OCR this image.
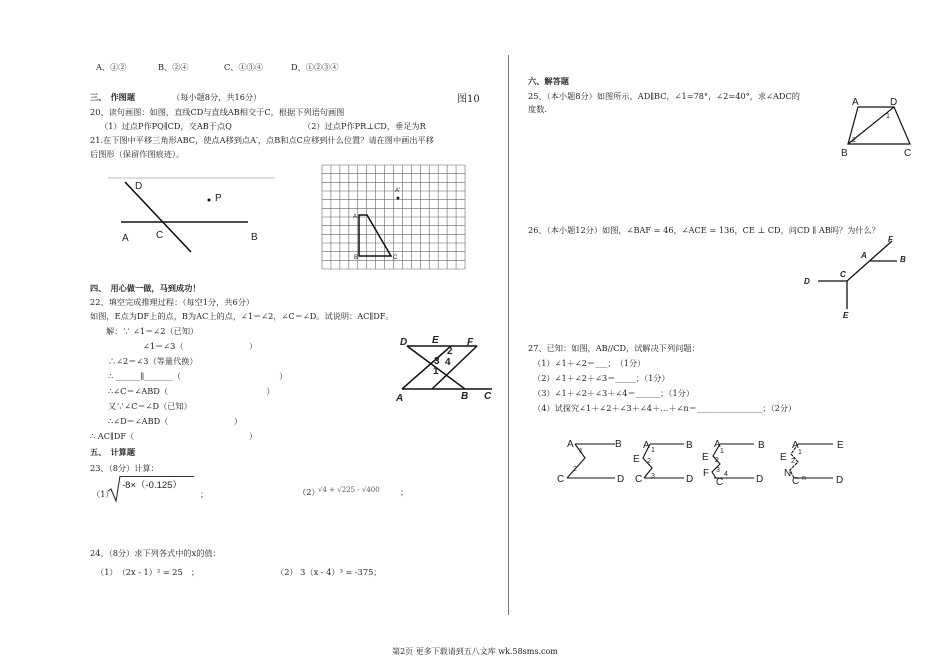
A、①②	B、②④	C、①③④	D、①②③④
三、　作图题	（每小题8分，共16分）	图10
20、读句画图：如图，直线CD与直线AB相交于C，根据下列语句画图
（1）过点P作PQ∥CD，交AB于点Q	（2）过点P作PR⊥CD，垂足为R
21.在下图中平移三角形ABC，使点A移到点A′，点B和点C应移到什么位置？请在图中画出平移
后图形（保留作图痕迹）。
D
P
A	C	B
A
B	C
A′
四、　用心做一做，马到成功！
22、填空完成推理过程：（每空1分，共6分）
如图，E点为DF上的点，B为AC上的点，∠1＝∠2，∠C＝∠D。试说明：AC∥DF。
解：∵ ∠1＝∠2（已知）
∠1＝∠3（　　　　　　　　）
∴∠2＝∠3（等量代换）
∴ ______∥_______（　　　　　　　　　　　　）
∴∠C＝∠ABD（　　　　　　　　　　　　）
又∵∠C＝∠D（已知）
∴∠D＝∠ABD（　　　　　　　　）
∴ AC∥DF（　　　　　　　　　　　　　　）
D E	F
A	B C
2
3 4
1
五、　计算题
23、（8分）计算：
（1）
-8×（-0.125）
；	（2）
√4 + √225 - √400 ；
24、（8分）求下列各式中的x的值：
（1）　（2x - 1）² = 25　；	（2） 3（x - 4）³ = -375；
六、解答题
25、（本小题8分）如图所示，AD∥BC，∠1=78°，∠2=40°，求∠ADC的
度数.
A	D
B	C
1
2
26、（本小题12分）如图，∠BAF = 46，∠ACE = 136，CE ⊥ CD，问CD ∥ AB吗？为什么？
F
A	B
C
D
E
27、已知：如图，AB//CD，试解决下列问题：
（1）∠1＋∠2＝___；　（1分）
（2）∠1＋∠2＋∠3＝_____；（1分）
（3）∠1＋∠2＋∠3＋∠4＝______；（1分）
（4）试探究∠1＋∠2＋∠3＋∠4＋…＋∠n＝________________；（2分）
A	B
C	D
1
2
A	B
E
C	D
1
2
3
A	B
E
F
C	D
1
2
3
4
A	E
E
N
C	D
1
2
n
第2页 更多下载请到五八文库 wk.58sms.com
